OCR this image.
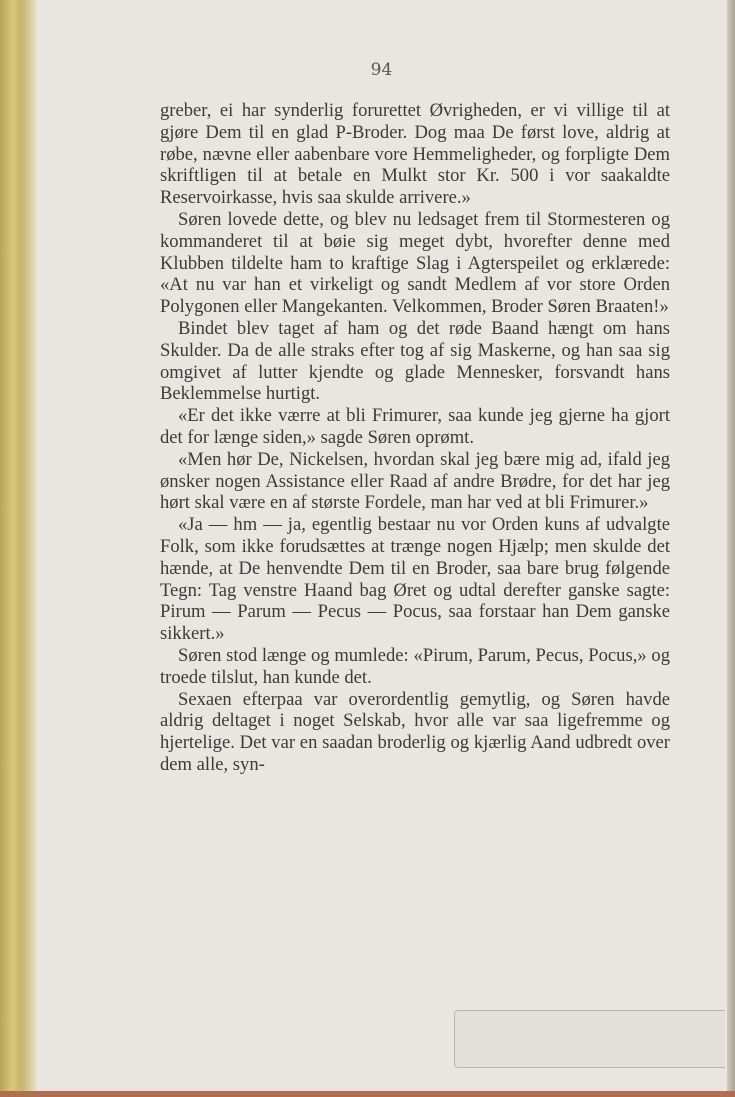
94

greber, ei har synderlig forurettet Øvrigheden, er vi villige til at gjøre Dem til en glad P-Broder. Dog maa De først love, aldrig at røbe, nævne eller aabenbare vore Hemmeligheder, og forpligte Dem skriftligen til at betale en Mulkt stor Kr. 500 i vor saakaldte Reservoirkasse, hvis saa skulde arrivere.»

Søren lovede dette, og blev nu ledsaget frem til Stormesteren og kommanderet til at bøie sig meget dybt, hvorefter denne med Klubben tildelte ham to kraftige Slag i Agterspeilet og erklærede: «At nu var han et virkeligt og sandt Medlem af vor store Orden Polygonen eller Mangekanten. Velkommen, Broder Søren Braaten!»

Bindet blev taget af ham og det røde Baand hængt om hans Skulder. Da de alle straks efter tog af sig Maskerne, og han saa sig omgivet af lutter kjendte og glade Mennesker, forsvandt hans Beklemmelse hurtigt.

«Er det ikke værre at bli Frimurer, saa kunde jeg gjerne ha gjort det for længe siden,» sagde Søren oprømt.

«Men hør De, Nickelsen, hvordan skal jeg bære mig ad, ifald jeg ønsker nogen Assistance eller Raad af andre Brødre, for det har jeg hørt skal være en af største Fordele, man har ved at bli Frimurer.»

«Ja — hm — ja, egentlig bestaar nu vor Orden kuns af udvalgte Folk, som ikke forudsættes at trænge nogen Hjælp; men skulde det hænde, at De henvendte Dem til en Broder, saa bare brug følgende Tegn: Tag venstre Haand bag Øret og udtal derefter ganske sagte: Pirum — Parum — Pecus — Pocus, saa forstaar han Dem ganske sikkert.»

Søren stod længe og mumlede: «Pirum, Parum, Pecus, Pocus,» og troede tilslut, han kunde det.

Sexaen efterpaa var overordentlig gemytlig, og Søren havde aldrig deltaget i noget Selskab, hvor alle var saa ligefremme og hjertelige. Det var en saadan broderlig og kjærlig Aand udbredt over dem alle, syn-
